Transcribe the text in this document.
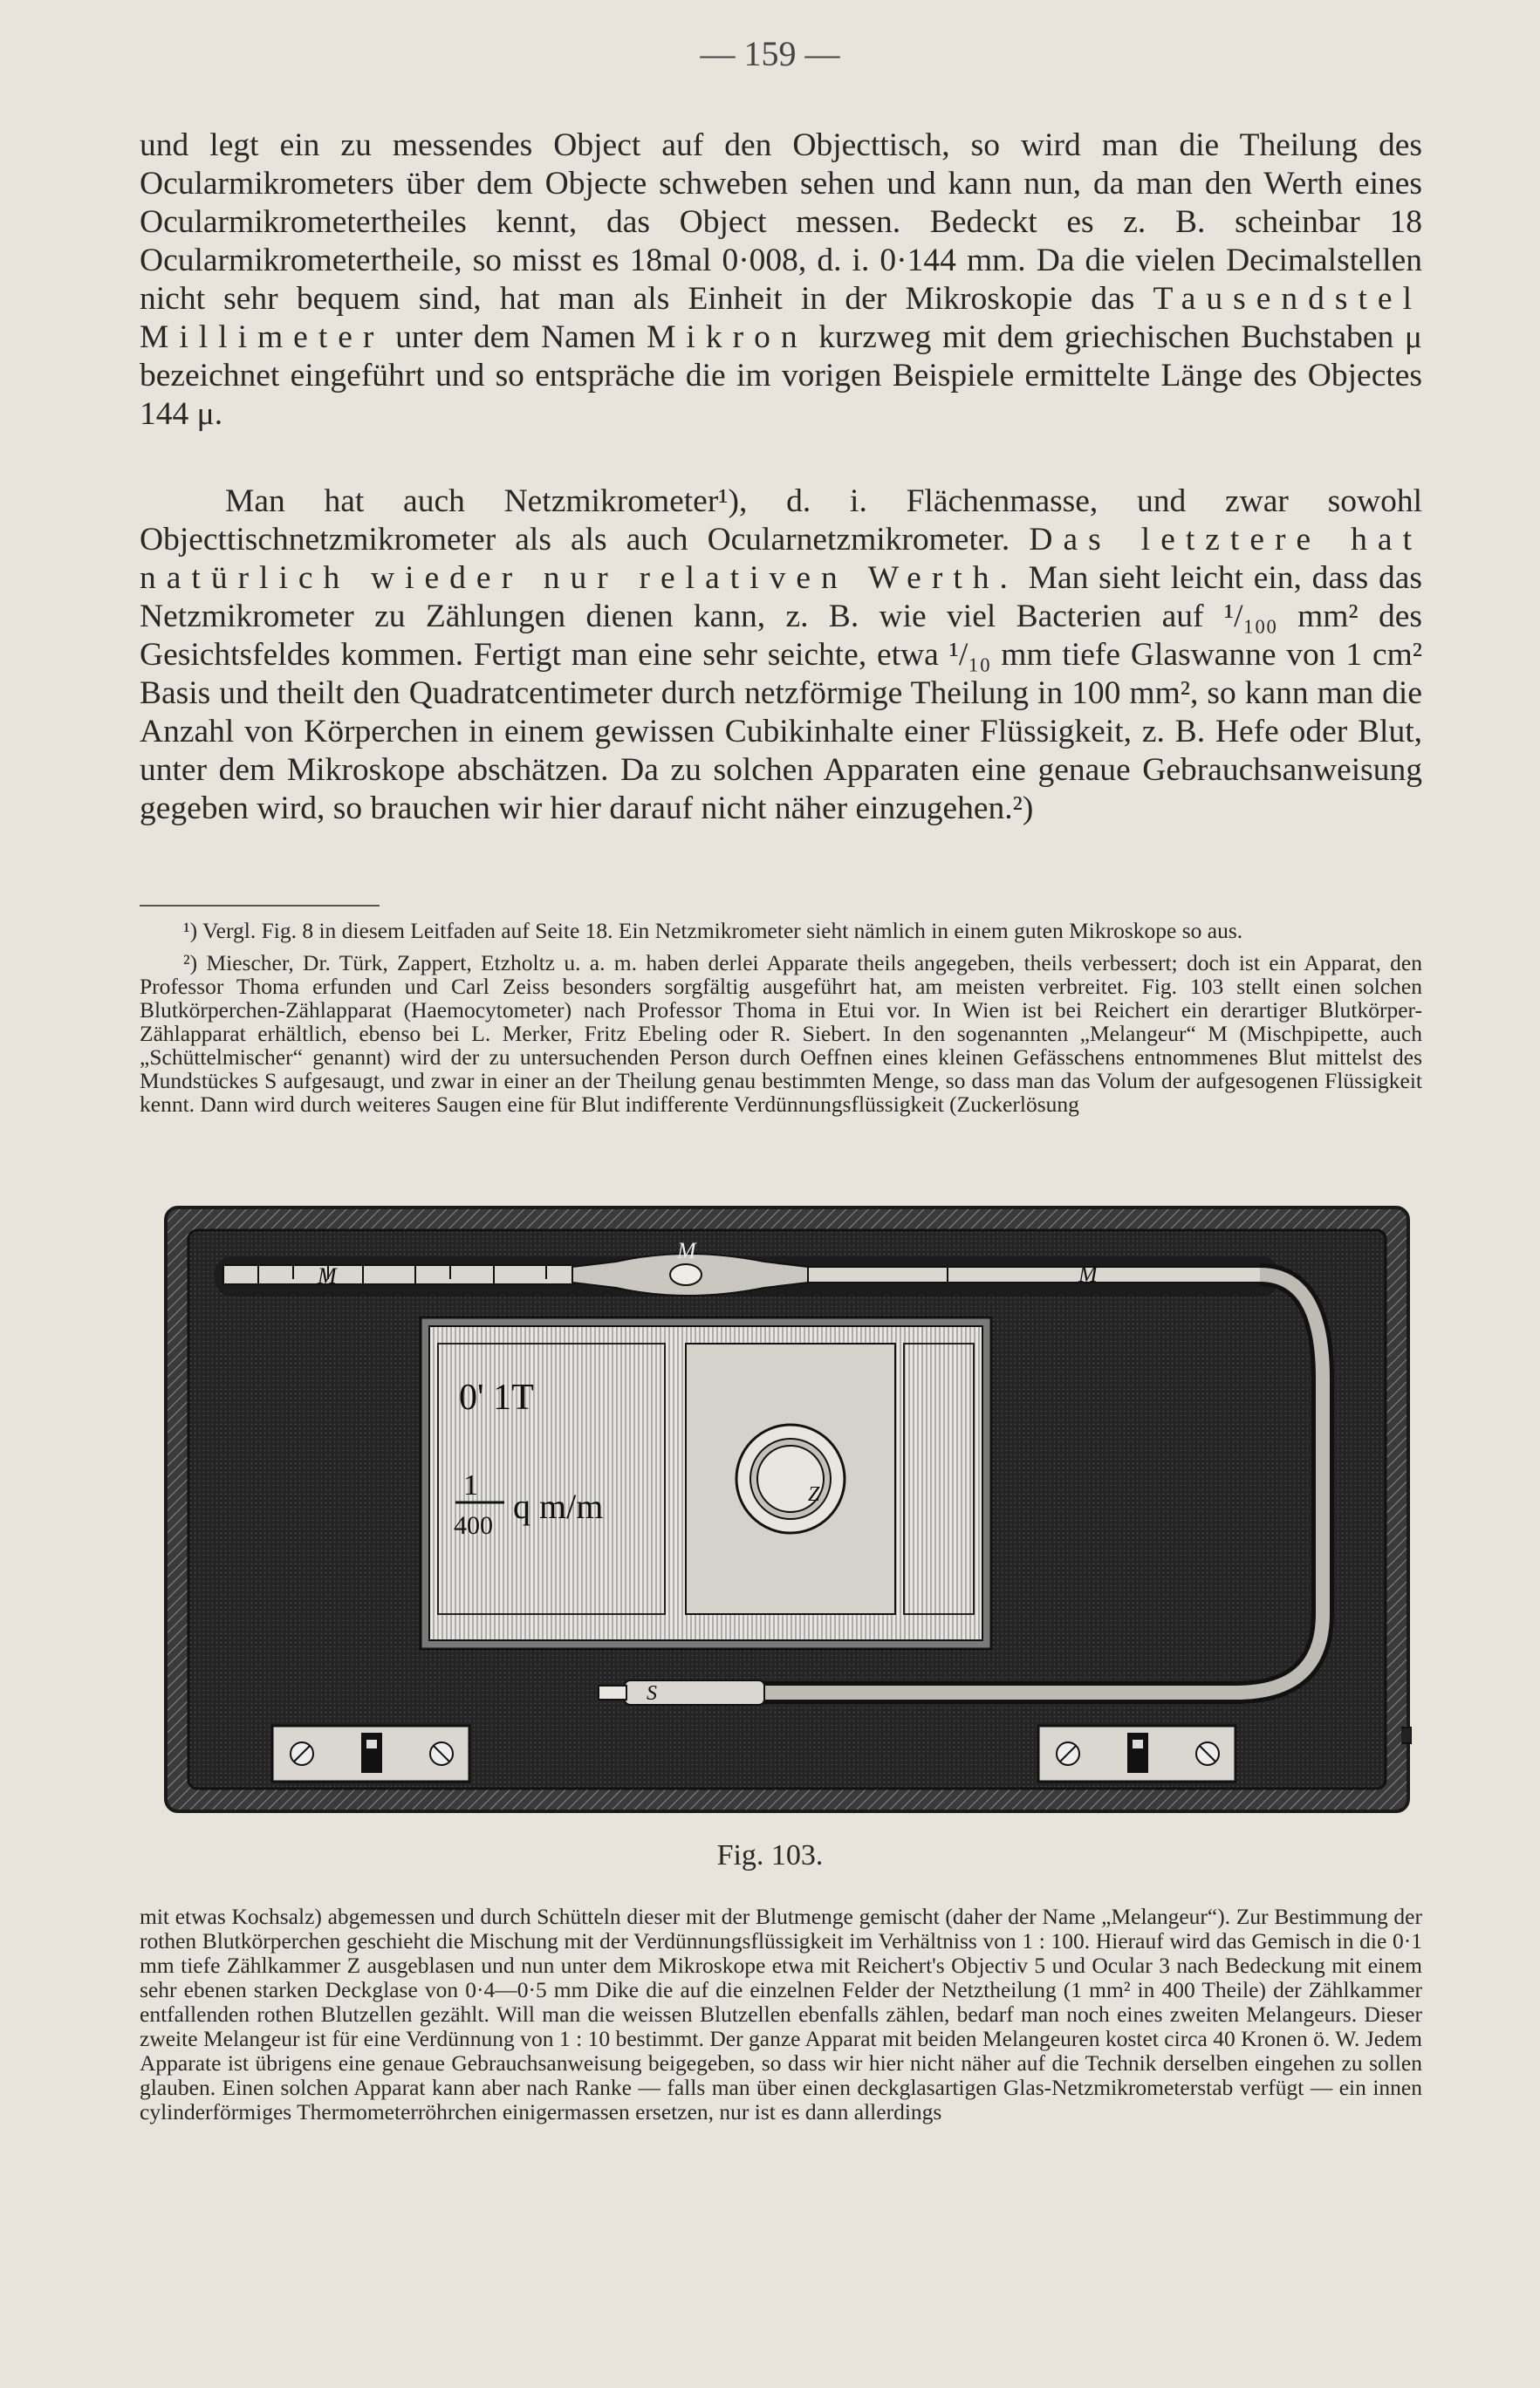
— 159 —

und legt ein zu messendes Object auf den Objecttisch, so wird man die Theilung des Ocularmikrometers über dem Objecte schweben sehen und kann nun, da man den Werth eines Ocularmikrometertheiles kennt, das Object messen. Bedeckt es z. B. scheinbar 18 Ocularmikrometertheile, so misst es 18mal 0·008, d. i. 0·144 mm. Da die vielen Decimalstellen nicht sehr bequem sind, hat man als Einheit in der Mikroskopie das Tausendstel Millimeter unter dem Namen Mikron kurzweg mit dem griechischen Buchstaben μ bezeichnet eingeführt und so entspräche die im vorigen Beispiele ermittelte Länge des Objectes 144 μ.

Man hat auch Netzmikrometer¹), d. i. Flächenmasse, und zwar sowohl Objecttischnetzmikrometer als als auch Ocularnetzmikrometer. Das letztere hat natürlich wieder nur relativen Werth. Man sieht leicht ein, dass das Netzmikrometer zu Zählungen dienen kann, z. B. wie viel Bacterien auf ¹/₁₀₀ mm² des Gesichtsfeldes kommen. Fertigt man eine sehr seichte, etwa ¹/₁₀ mm tiefe Glaswanne von 1 cm² Basis und theilt den Quadratcentimeter durch netzförmige Theilung in 100 mm², so kann man die Anzahl von Körperchen in einem gewissen Cubikinhalte einer Flüssigkeit, z. B. Hefe oder Blut, unter dem Mikroskope abschätzen. Da zu solchen Apparaten eine genaue Gebrauchsanweisung gegeben wird, so brauchen wir hier darauf nicht näher einzugehen.²)

¹) Vergl. Fig. 8 in diesem Leitfaden auf Seite 18. Ein Netzmikrometer sieht nämlich in einem guten Mikroskope so aus.

²) Miescher, Dr. Türk, Zappert, Etzholtz u. a. m. haben derlei Apparate theils angegeben, theils verbessert; doch ist ein Apparat, den Professor Thoma erfunden und Carl Zeiss besonders sorgfältig ausgeführt hat, am meisten verbreitet. Fig. 103 stellt einen solchen Blutkörperchen-Zählapparat (Haemocytometer) nach Professor Thoma in Etui vor. In Wien ist bei Reichert ein derartiger Blutkörper-Zählapparat erhältlich, ebenso bei L. Merker, Fritz Ebeling oder R. Siebert. In den sogenannten „Melangeur“ M (Mischpipette, auch „Schüttelmischer“ genannt) wird der zu untersuchenden Person durch Oeffnen eines kleinen Gefässchens entnommenes Blut mittelst des Mundstückes S aufgesaugt, und zwar in einer an der Theilung genau bestimmten Menge, so dass man das Volum der aufgesogenen Flüssigkeit kennt. Dann wird durch weiteres Saugen eine für Blut indifferente Verdünnungsflüssigkeit (Zuckerlösung

0' 1T
1
400 q m/m
M
M
M
S
Z
Fig. 103.
mit etwas Kochsalz) abgemessen und durch Schütteln dieser mit der Blutmenge gemischt (daher der Name „Melangeur“). Zur Bestimmung der rothen Blutkörperchen geschieht die Mischung mit der Verdünnungsflüssigkeit im Verhältniss von 1 : 100. Hierauf wird das Gemisch in die 0·1 mm tiefe Zählkammer Z ausgeblasen und nun unter dem Mikroskope etwa mit Reichert's Objectiv 5 und Ocular 3 nach Bedeckung mit einem sehr ebenen starken Deckglase von 0·4—0·5 mm Dike die auf die einzelnen Felder der Netztheilung (1 mm² in 400 Theile) der Zählkammer entfallenden rothen Blutzellen gezählt. Will man die weissen Blutzellen ebenfalls zählen, bedarf man noch eines zweiten Melangeurs. Dieser zweite Melangeur ist für eine Verdünnung von 1 : 10 bestimmt. Der ganze Apparat mit beiden Melangeuren kostet circa 40 Kronen ö. W. Jedem Apparate ist übrigens eine genaue Gebrauchsanweisung beigegeben, so dass wir hier nicht näher auf die Technik derselben eingehen zu sollen glauben. Einen solchen Apparat kann aber nach Ranke — falls man über einen deckglasartigen Glas-Netzmikrometerstab verfügt — ein innen cylinderförmiges Thermometerröhrchen einigermassen ersetzen, nur ist es dann allerdings
